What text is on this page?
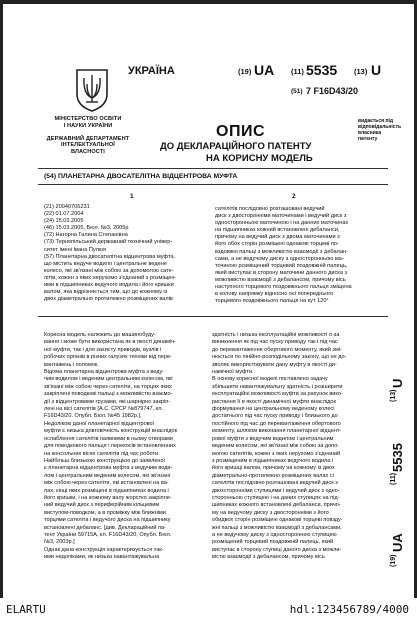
МІНІСТЕРСТВО ОСВІТИ
І НАУКИ УКРАЇНИ
ДЕРЖАВНИЙ ДЕПАРТАМЕНТ
ІНТЕЛЕКТУАЛЬНОЇ
ВЛАСНОСТІ
УКРАЇНА	(19) UA (11) 5535 (13) U
(51) 7 F16D43/20
видається під
відповідальність
власника
патенту
ОПИС
ДО ДЕКЛАРАЦІЙНОГО ПАТЕНТУ
НА КОРИСНУ МОДЕЛЬ
(54) ПЛАНЕТАРНА ДВОСАТЕЛІТНА ВІДЦЕНТРОВА МУФТА
1	2
(21) 20040705231
(22) 01.07.2004
(24) 15.03.2005
(46) 15.03.2005, Бюл. №3, 2005р
(72) Нагорна Галина Степанівна
(73) Тернопільський державний технічний універ-
ситет імені Івана Пулюя
(57) Планетарна двосателітна відцентрова муфта,
що містить ведуче водило і центральне ведене
колесо, які зв'язані між собою за допомогою сате-
літів, кожен з яких нерухомо з'єднаний з розміщен-
ими в підшипниках ведучого водила і його кришки
валом, яка відрізняється тим, що до кожному із
двох діаметрально протилежно розміщених валів
сателітів послідовно розташовані ведучий
диск з двосторонніми маточинами і ведучий диск з
односторонньою маточиною і на данних маточинах
на підшипниках кожний встановлені дебаланси,
причому на ведучий диск з двома маточинами з
його обох сторін розміщені однакові торцеві по-
вздовжні пальці з можливістю взаємодії з дебалан-
сами, а не ведучому диску з односторонньою ма-
точиною розміщений торцевий поздовжній палець,
який виступає в сторону маточини данного диска з
можливістю взаємодії з дебалансом, причому вісь
наступного торцевого поздовжнього пальця зміщена
в колову напрямку відносно осі попереднього
торцевого поздовжнього пальця на кут 120°
Корисна модель належить до машинобуду-
вання і може бути використана як в якості динаміч-
ної муфти, так і для захисту приводів, вузлів і
робочих органів в різних галузях техніки від пере-
вантажень і поломок.
Відома планетарна відцентрова муфта з веду-
чим водилом і веденим центральним колесом, які
зв'язані між собою через сателіти, на торцях яких
закріплені поводкові пальці з можливістю взаємо-
дії з відцентровими грузами, які шарнірно закріп-
лені на вісі сателітів [А.С. СРСР №879747, кл.
F16D43/20. Опубл. Бюл. №45 1982р.].
Недоліком даної планетарної відцентрової
муфти є низька довговічність конструкцій внаслідок
ослаблення сателітів наявними в ньому отворами
для поводкового пальця і перекосів встановленних
на консольних вісях сателітів під час роботи.
Найбільш близькою конструкцією до заявленої
є планетарна відцентрова муфта з ведучим води-
лом і центральним веденим колесом, які зв'язані
між собою через сателіти, які встановлені на ва-
лах, кінці яких розміщені в підшипниках водила і
його кришки, і на кожному валу жорстко закріпле-
ний ведучий диск з периферійним кільцевим
виступом-поводком, а в проміжку між ближніми
торцями сателіта і ведучого диска на підшипнику
встановлені дебаланс. [див. Деклараційний па-
тент України 59715А, кл. F16D43/20, Опубл. Бюл.
№3, 2003р.]
Однак дана конструкція характеризується так-
ими недоліками, як низька навантажувальна
здатність і низька експлуатаційні можливості о-за
виникнення як під час пуску приводу так і під час
до перевантаження обертового моменту, який змі-
нюється по лінійно-розподільному закону, що не до-
зволяє використовувати дану муфту в якості ди-
намічної муфти.
В основу корисної моделі поставлено задачу
збільшити навантажувальну здатність і розширити
експлуатаційні можливості муфти за рахунок вико-
ристання її в якості динамічної муфти внаслідок
формування на центральному веденому колесі
достатнього під час пуску приводу і близького до
постійного під час до перевантаження обертового
моменту, шляхом виконання планетарної відцент-
рової муфти з ведучим водилом і центральним
веденим колесом, які зв'язані між собою за допо-
могою сателітів, кожен з яких нерухомо з'єднаний
з розміщеним в підшипниках ведучого водила і
його кришці валом, причому на кожному із двох
діаметрально-протилежно розміщених валах сі
сателітів послідовно розташовані ведучий диск з
двохсторонніми ступицями і ведучий диск з одно-
сторонньою ступицею і на даних ступицях на під-
шипниках кожного встановлені дебаланси, причо-
му на ведучому диску з двосторонніми з його
обидвох сторін розміщені однакові торцеві повзду-
жні пальці з можливістю взаємодії з дебалансами,
а не ведучому диску з одностороннею ступицею
розміщений торцевий поздовжній палець, який
виступає в сторону ступиці даного диска з можли-
вістю взаємодії з дебалансом, причому вісь	(19)
UA
(11)
5535
(13)
U
ELARTU	hdl:123456789/4000
